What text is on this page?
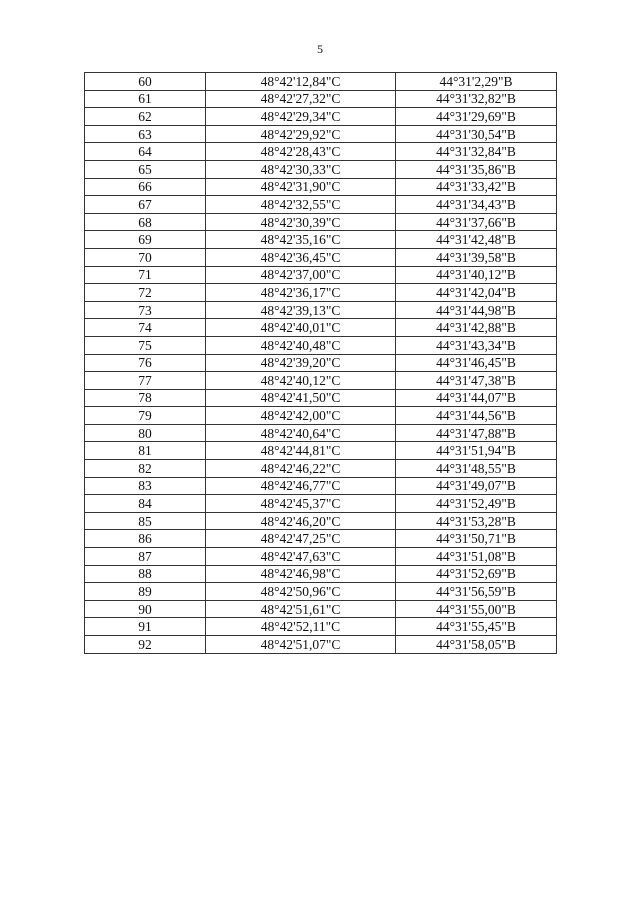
5
60	48°42'12,84"С	44°31'2,29"В
61	48°42'27,32"С	44°31'32,82"В
62	48°42'29,34"С	44°31'29,69"В
63	48°42'29,92"С	44°31'30,54"В
64	48°42'28,43"С	44°31'32,84"В
65	48°42'30,33"С	44°31'35,86"В
66	48°42'31,90"С	44°31'33,42"В
67	48°42'32,55"С	44°31'34,43"В
68	48°42'30,39"С	44°31'37,66"В
69	48°42'35,16"С	44°31'42,48"В
70	48°42'36,45"С	44°31'39,58"В
71	48°42'37,00"С	44°31'40,12"В
72	48°42'36,17"С	44°31'42,04"В
73	48°42'39,13"С	44°31'44,98"В
74	48°42'40,01"С	44°31'42,88"В
75	48°42'40,48"С	44°31'43,34"В
76	48°42'39,20"С	44°31'46,45"В
77	48°42'40,12"С	44°31'47,38"В
78	48°42'41,50"С	44°31'44,07"В
79	48°42'42,00"С	44°31'44,56"В
80	48°42'40,64"С	44°31'47,88"В
81	48°42'44,81"С	44°31'51,94"В
82	48°42'46,22"С	44°31'48,55"В
83	48°42'46,77"С	44°31'49,07"В
84	48°42'45,37"С	44°31'52,49"В
85	48°42'46,20"С	44°31'53,28"В
86	48°42'47,25"С	44°31'50,71"В
87	48°42'47,63"С	44°31'51,08"В
88	48°42'46,98"С	44°31'52,69"В
89	48°42'50,96"С	44°31'56,59"В
90	48°42'51,61"С	44°31'55,00"В
91	48°42'52,11"С	44°31'55,45"В
92	48°42'51,07"С	44°31'58,05"В
